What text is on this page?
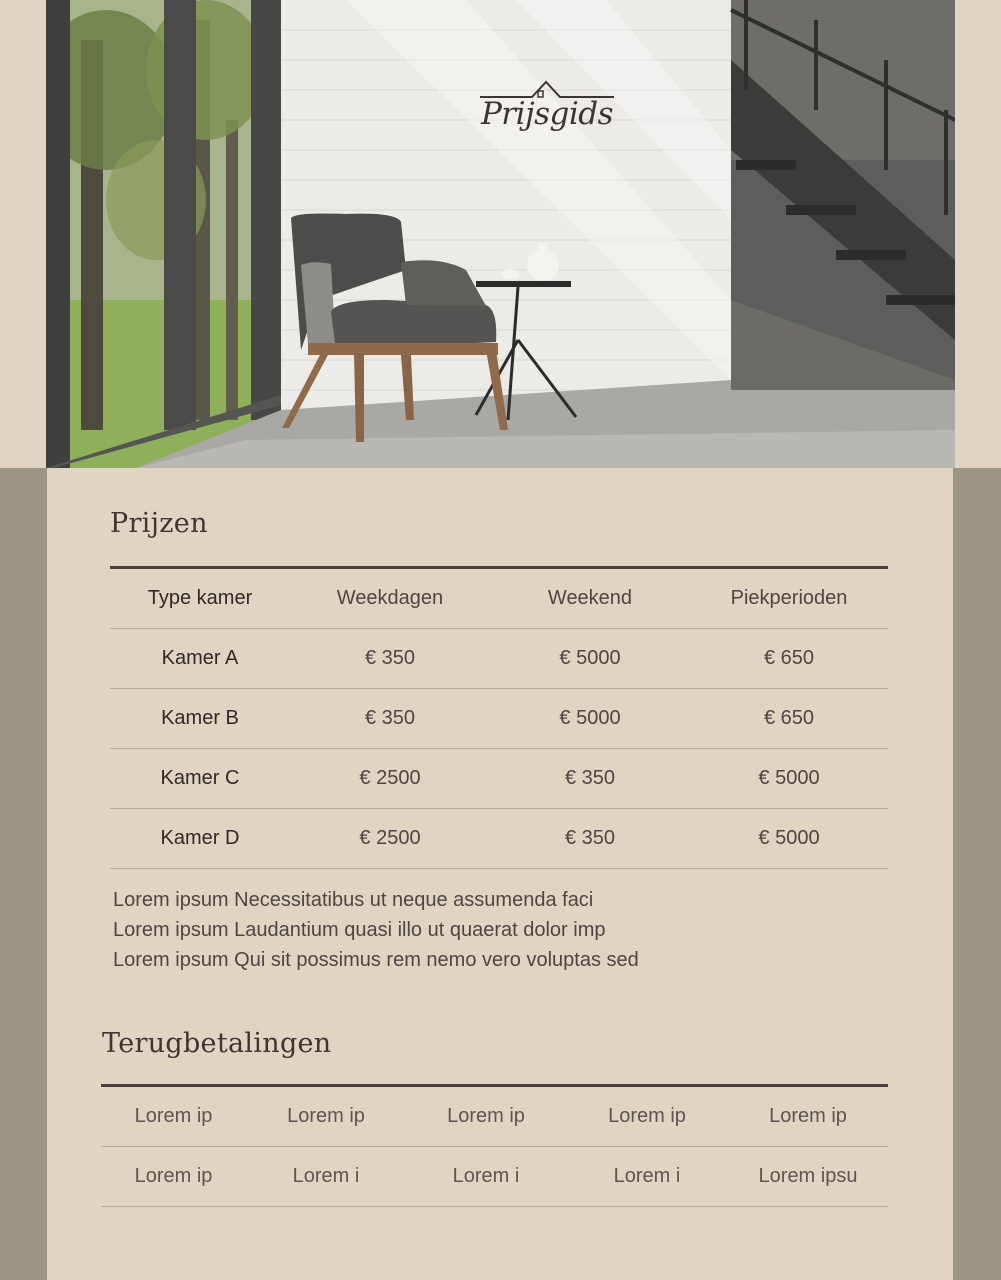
Prijsgids
Prijzen
Type kamer	Weekdagen	Weekend	Piekperioden
Kamer A	€ 350	€ 5000	€ 650
Kamer B	€ 350	€ 5000	€ 650
Kamer C	€ 2500	€ 350	€ 5000
Kamer D	€ 2500	€ 350	€ 5000
Lorem ipsum Necessitatibus ut neque assumenda faci
Lorem ipsum Laudantium quasi illo ut quaerat dolor imp
Lorem ipsum Qui sit possimus rem nemo vero voluptas sed
Terugbetalingen
Lorem ip	Lorem ip	Lorem ip	Lorem ip	Lorem ip
Lorem ip	Lorem i	Lorem i	Lorem i	Lorem ipsu
